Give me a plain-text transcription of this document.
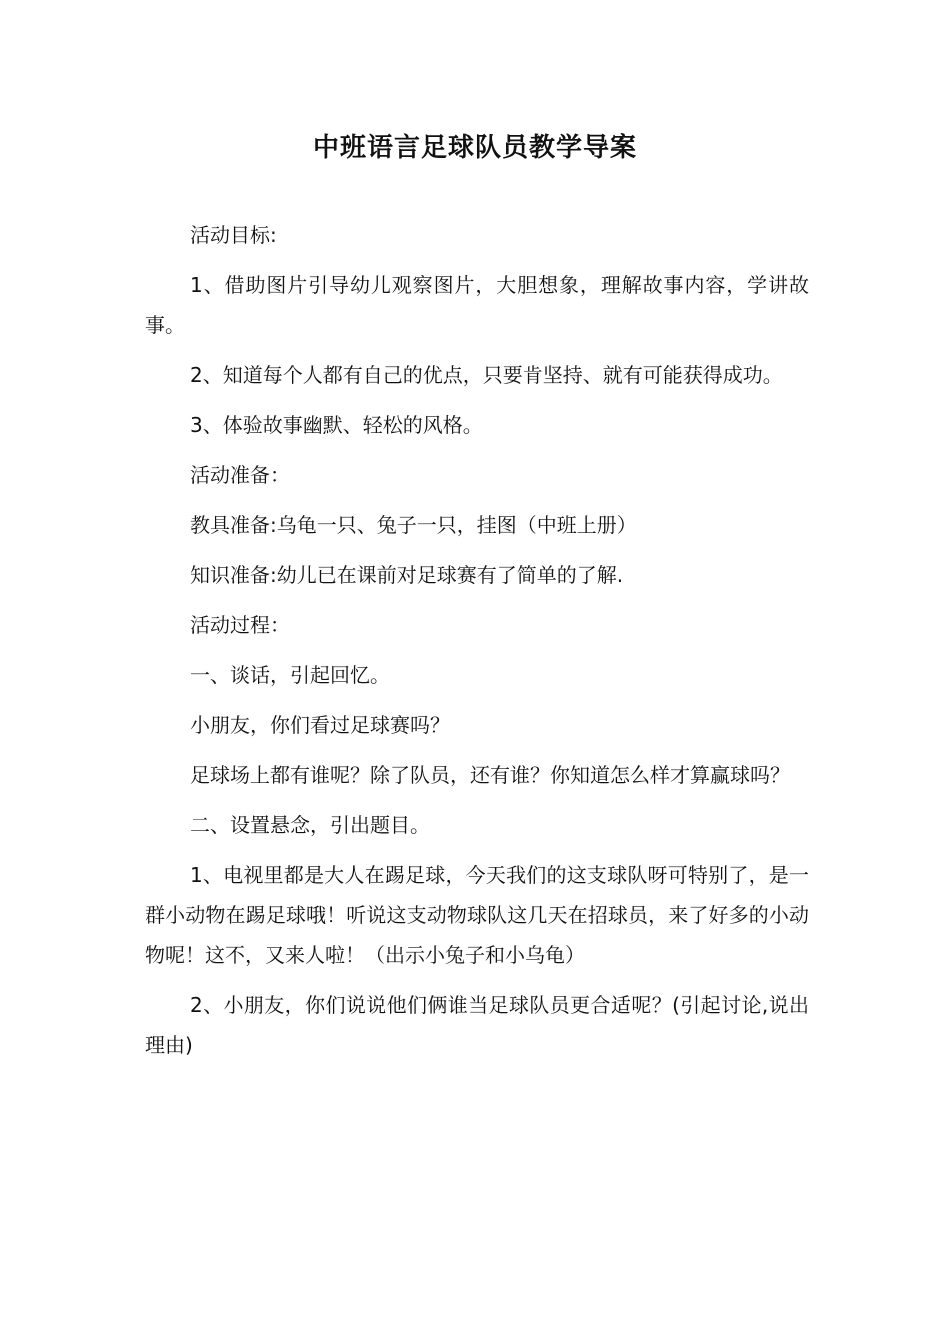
中班语言足球队员教学导案

活动目标:

1、借助图片引导幼儿观察图片，大胆想象，理解故事内容，学讲故事。

2、知道每个人都有自己的优点，只要肯坚持、就有可能获得成功。

3、体验故事幽默、轻松的风格。

活动准备：

教具准备:乌龟一只、兔子一只，挂图（中班上册）

知识准备:幼儿已在课前对足球赛有了简单的了解.

活动过程：

一、谈话，引起回忆。

小朋友，你们看过足球赛吗？

足球场上都有谁呢？除了队员，还有谁？你知道怎么样才算赢球吗？

二、设置悬念，引出题目。

1、电视里都是大人在踢足球，今天我们的这支球队呀可特别了，是一群小动物在踢足球哦！听说这支动物球队这几天在招球员，来了好多的小动物呢！这不，又来人啦！（出示小兔子和小乌龟）

2、小朋友，你们说说他们俩谁当足球队员更合适呢？(引起讨论,说出理由)
